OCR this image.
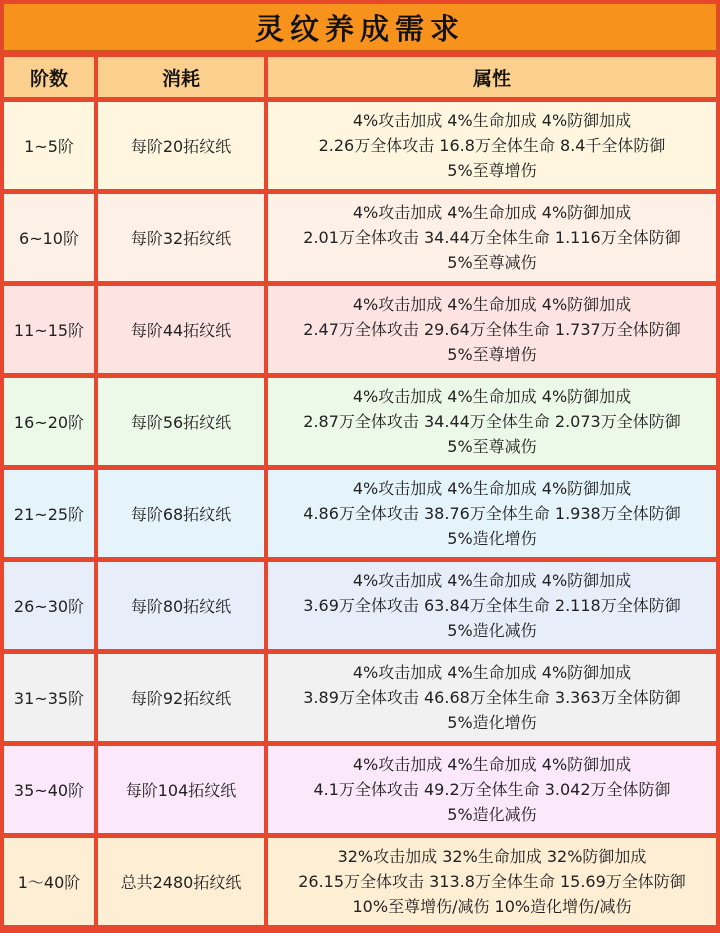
灵纹养成需求
阶数	消耗	属性
1~5阶	每阶20拓纹纸	4%攻击加成 4%生命加成 4%防御加成
2.26万全体攻击 16.8万全体生命 8.4千全体防御
5%至尊增伤

6~10阶	每阶32拓纹纸	4%攻击加成 4%生命加成 4%防御加成
2.01万全体攻击 34.44万全体生命 1.116万全体防御
5%至尊减伤

11~15阶	每阶44拓纹纸	4%攻击加成 4%生命加成 4%防御加成
2.47万全体攻击 29.64万全体生命 1.737万全体防御
5%至尊增伤

16~20阶	每阶56拓纹纸	4%攻击加成 4%生命加成 4%防御加成
2.87万全体攻击 34.44万全体生命 2.073万全体防御
5%至尊减伤

21~25阶	每阶68拓纹纸	4%攻击加成 4%生命加成 4%防御加成
4.86万全体攻击 38.76万全体生命 1.938万全体防御
5%造化增伤

26~30阶	每阶80拓纹纸	4%攻击加成 4%生命加成 4%防御加成
3.69万全体攻击 63.84万全体生命 2.118万全体防御
5%造化减伤

31~35阶	每阶92拓纹纸	4%攻击加成 4%生命加成 4%防御加成
3.89万全体攻击 46.68万全体生命 3.363万全体防御
5%造化增伤

35~40阶	每阶104拓纹纸	4%攻击加成 4%生命加成 4%防御加成
4.1万全体攻击 49.2万全体生命 3.042万全体防御
5%造化减伤

1～40阶	总共2480拓纹纸	32%攻击加成 32%生命加成 32%防御加成
26.15万全体攻击 313.8万全体生命 15.69万全体防御
10%至尊增伤/减伤 10%造化增伤/减伤
